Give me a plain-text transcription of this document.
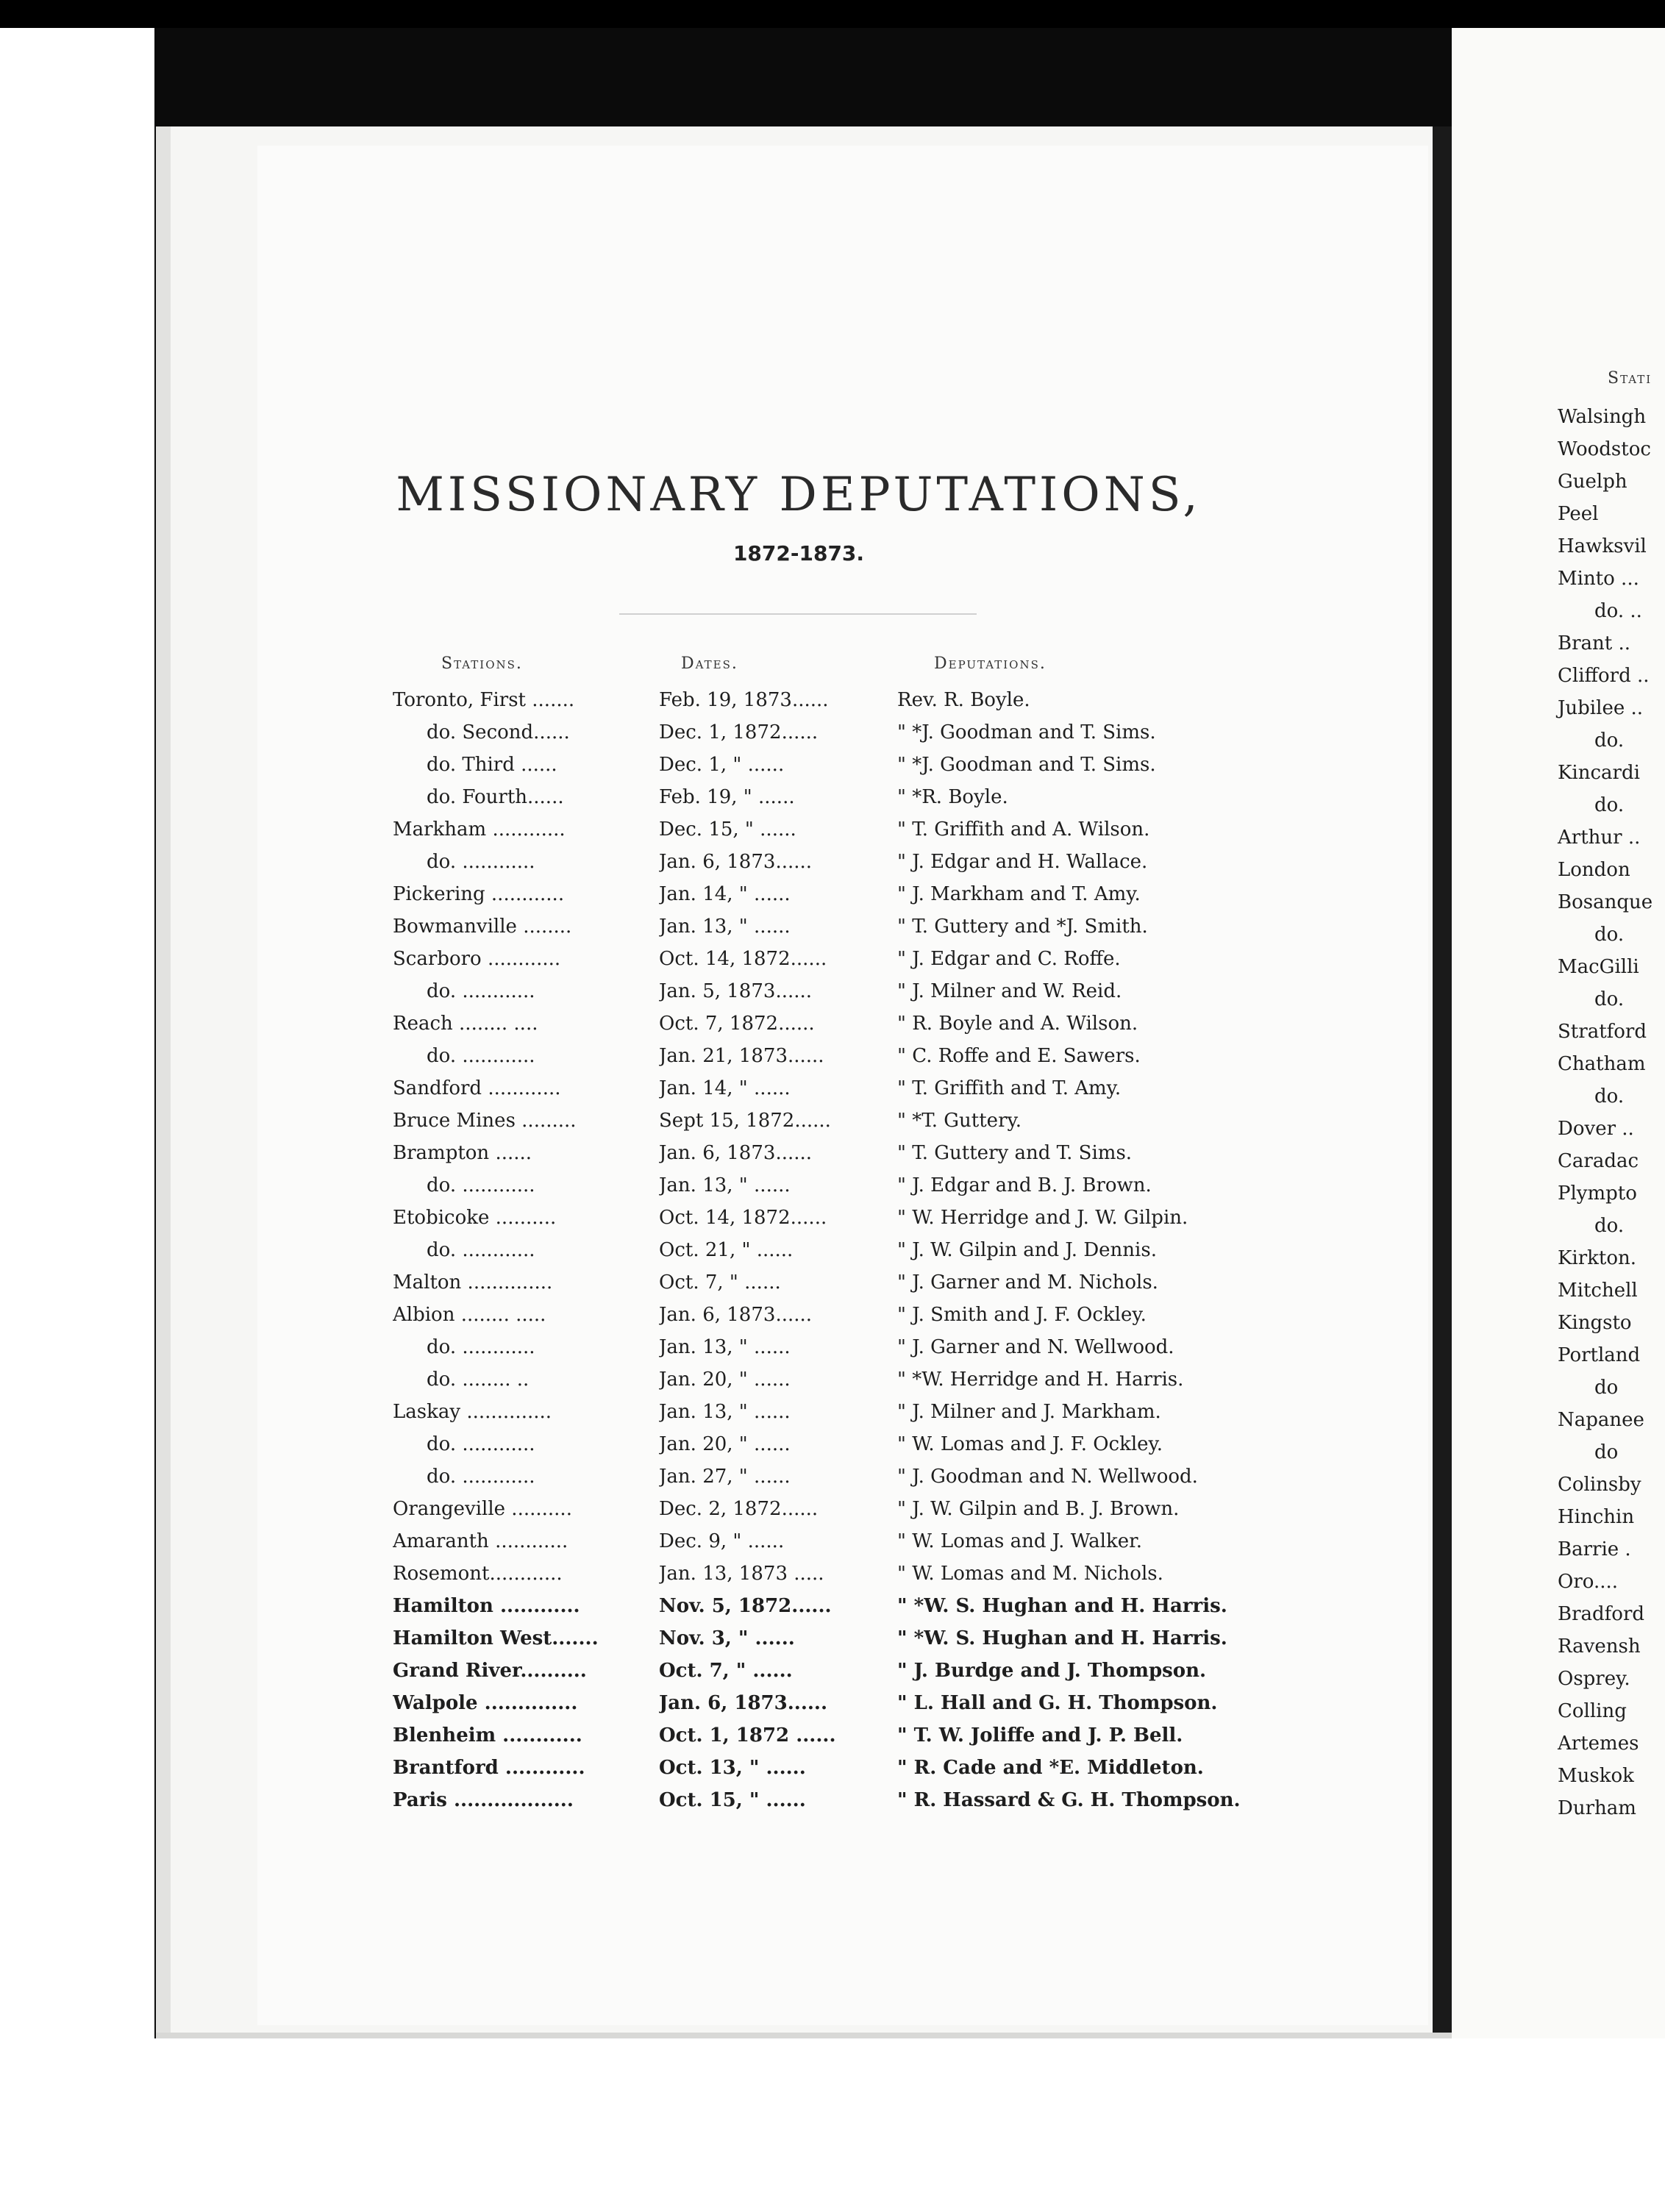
MISSIONARY DEPUTATIONS,
1872-1873.
Stations.	Dates.	Deputations.
Toronto, First .......	Feb. 19, 1873......	Rev. R. Boyle.
do. Second......	Dec. 1, 1872......	" *J. Goodman and T. Sims.
do. Third ......	Dec. 1, " ......	" *J. Goodman and T. Sims.
do. Fourth......	Feb. 19, " ......	" *R. Boyle.
Markham ............	Dec. 15, " ......	" T. Griffith and A. Wilson.
do. ............	Jan. 6, 1873......	" J. Edgar and H. Wallace.
Pickering ............	Jan. 14, " ......	" J. Markham and T. Amy.
Bowmanville ........	Jan. 13, " ......	" T. Guttery and *J. Smith.
Scarboro ............	Oct. 14, 1872......	" J. Edgar and C. Roffe.
do. ............	Jan. 5, 1873......	" J. Milner and W. Reid.
Reach ........ ....	Oct. 7, 1872......	" R. Boyle and A. Wilson.
do. ............	Jan. 21, 1873......	" C. Roffe and E. Sawers.
Sandford ............	Jan. 14, " ......	" T. Griffith and T. Amy.
Bruce Mines .........	Sept 15, 1872......	" *T. Guttery.
Brampton ......	Jan. 6, 1873......	" T. Guttery and T. Sims.
do. ............	Jan. 13, " ......	" J. Edgar and B. J. Brown.
Etobicoke ..........	Oct. 14, 1872......	" W. Herridge and J. W. Gilpin.
do. ............	Oct. 21, " ......	" J. W. Gilpin and J. Dennis.
Malton ..............	Oct. 7, " ......	" J. Garner and M. Nichols.
Albion ........ .....	Jan. 6, 1873......	" J. Smith and J. F. Ockley.
do. ............	Jan. 13, " ......	" J. Garner and N. Wellwood.
do. ........ ..	Jan. 20, " ......	" *W. Herridge and H. Harris.
Laskay ..............	Jan. 13, " ......	" J. Milner and J. Markham.
do. ............	Jan. 20, " ......	" W. Lomas and J. F. Ockley.
do. ............	Jan. 27, " ......	" J. Goodman and N. Wellwood.
Orangeville ..........	Dec. 2, 1872......	" J. W. Gilpin and B. J. Brown.
Amaranth ............	Dec. 9, " ......	" W. Lomas and J. Walker.
Rosemont............	Jan. 13, 1873 .....	" W. Lomas and M. Nichols.
Hamilton ............	Nov. 5, 1872......	" *W. S. Hughan and H. Harris.
Hamilton West.......	Nov. 3, " ......	" *W. S. Hughan and H. Harris.
Grand River..........	Oct. 7, " ......	" J. Burdge and J. Thompson.
Walpole ..............	Jan. 6, 1873......	" L. Hall and G. H. Thompson.
Blenheim ............	Oct. 1, 1872 ......	" T. W. Joliffe and J. P. Bell.
Brantford ............	Oct. 13, " ......	" R. Cade and *E. Middleton.
Paris ..................	Oct. 15, " ......	" R. Hassard & G. H. Thompson.
Stati
Walsingh
Woodstoc
Guelph
Peel
Hawksvil
Minto ...
do. ..
Brant ..
Clifford ..
Jubilee ..
do.
Kincardi
do.
Arthur ..
London
Bosanque
do.
MacGilli
do.
Stratford
Chatham
do.
Dover ..
Caradac
Plympto
do.
Kirkton.
Mitchell
Kingsto
Portland
do
Napanee
do
Colinsby
Hinchin
Barrie .
Oro....
Bradford
Ravensh
Osprey.
Colling
Artemes
Muskok
Durham
